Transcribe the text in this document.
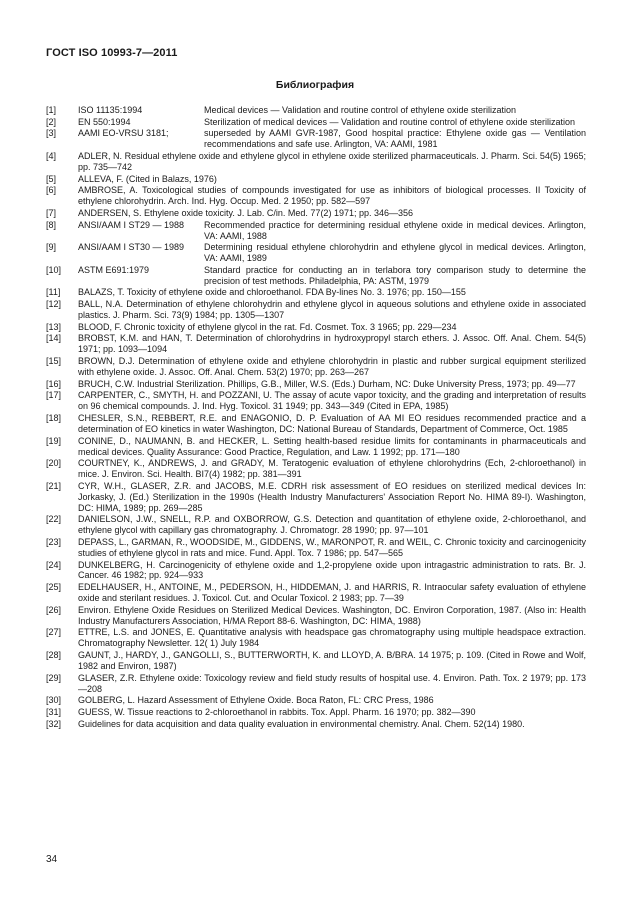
ГОСТ ISO 10993-7—2011
Библиография
[1]	ISO 11135:1994	Medical devices — Validation and routine control of ethylene oxide sterilization
[2]	EN 550:1994	Sterilization of medical devices — Validation and routine control of ethylene oxide sterilization
[3]	AAMI EO-VRSU 3181;	superseded by AAMI GVR-1987, Good hospital practice: Ethylene oxide gas — Ventilation recommendations and safe use. Arlington, VA: AAMI, 1981
[4]	ADLER, N. Residual ethylene oxide and ethylene glycol in ethylene oxide sterilized pharmaceuticals. J. Pharm. Sci. 54(5) 1965; pp. 735—742
[5]	ALLEVA, F. (Cited in Balazs, 1976)
[6]	AMBROSE, A. Toxicological studies of compounds investigated for use as inhibitors of biological processes. II Toxicity of ethylene chlorohydrin. Arch. Ind. Hyg. Occup. Med. 2 1950; pp. 582—597
[7]	ANDERSEN, S. Ethylene oxide toxicity. J. Lab. C/in. Med. 77(2) 1971; pp. 346—356
[8]	ANSI/AAM I ST29 — 1988	Recommended practice for determining residual ethylene oxide in medical devices. Arlington, VA: AAMI, 1988
[9]	ANSI/AAM I ST30 — 1989	Determining residual ethylene chlorohydrin and ethylene glycol in medical devices. Arlington, VA: AAMI, 1989
[10]	ASTM E691:1979	Standard practice for conducting an in terlabora tory comparison study to determine the precision of test methods. Philadelphia, PA: ASTM, 1979
[11]	BALAZS, T. Toxicity of ethylene oxide and chloroethanol. FDA By-lines No. 3. 1976; pp. 150—155
[12]	BALL, N.A. Determination of ethylene chlorohydrin and ethylene glycol in aqueous solutions and ethylene oxide in associated plastics. J. Pharm. Sci. 73(9) 1984; pp. 1305—1307
[13]	BLOOD, F. Chronic toxicity of ethylene glycol in the rat. Fd. Cosmet. Tox. 3 1965; pp. 229—234
[14]	BROBST, K.M. and HAN, T. Determination of chlorohydrins in hydroxypropyl starch ethers. J. Assoc. Off. Anal. Chem. 54(5) 1971; pp. 1093—1094
[15]	BROWN, D.J. Determination of ethylene oxide and ethylene chlorohydrin in plastic and rubber surgical equipment sterilized with ethylene oxide. J. Assoc. Off. Anal. Chem. 53(2) 1970; pp. 263—267
[16]	BRUCH, C.W. Industrial Sterilization. Phillips, G.B., Miller, W.S. (Eds.) Durham, NC: Duke University Press, 1973; pp. 49—77
[17]	CARPENTER, C., SMYTH, H. and POZZANI, U. The assay of acute vapor toxicity, and the grading and interpretation of results on 96 chemical compounds. J. Ind. Hyg. Toxicol. 31 1949; pp. 343—349 (Cited in EPA, 1985)
[18]	CHESLER, S.N., REBBERT, R.E. and ENAGONIO, D. P. Evaluation of AA MI EO residues recommended practice and a determination of EO kinetics in water Washington, DC: National Bureau of Standards, Department of Commerce, Oct. 1985
[19]	CONINE, D., NAUMANN, B. and HECKER, L. Setting health-based residue limits for contaminants in pharmaceuticals and medical devices. Quality Assurance: Good Practice, Regulation, and Law. 1 1992; pp. 171—180
[20]	COURTNEY, K., ANDREWS, J. and GRADY, M. Teratogenic evaluation of ethylene chlorohydrins (Ech, 2-chloroethanol) in mice. J. Environ. Sci. Health. BI7(4) 1982; pp. 381—391
[21]	CYR, W.H., GLASER, Z.R. and JACOBS, M.E. CDRH risk assessment of EO residues on sterilized medical devices In: Jorkasky, J. (Ed.) Sterilization in the 1990s (Health Industry Manufacturers' Association Report No. HIMA 89-I). Washington, DC: HIMA, 1989; pp. 269—285
[22]	DANIELSON, J.W., SNELL, R.P. and OXBORROW, G.S. Detection and quantitation of ethylene oxide, 2-chloroethanol, and ethylene glycol with capillary gas chromatography. J. Chromatogr. 28 1990; pp. 97—101
[23]	DEPASS, L., GARMAN, R., WOODSIDE, M., GIDDENS, W., MARONPOT, R. and WEIL, C. Chronic toxicity and carcinogenicity studies of ethylene glycol in rats and mice. Fund. Appl. Tox. 7 1986; pp. 547—565
[24]	DUNKELBERG, H. Carcinogenicity of ethylene oxide and 1,2-propylene oxide upon intragastric administration to rats. Br. J. Cancer. 46 1982; pp. 924—933
[25]	EDELHAUSER, H., ANTOINE, M., PEDERSON, H., HIDDEMAN, J. and HARRIS, R. Intraocular safety evaluation of ethylene oxide and sterilant residues. J. Toxicol. Cut. and Ocular Toxicol. 2 1983; pp. 7—39
[26]	Environ. Ethylene Oxide Residues on Sterilized Medical Devices. Washington, DC. Environ Corporation, 1987. (Also in: Health Industry Manufacturers Association, H/MA Report 88-6. Washington, DC: HIMA, 1988)
[27]	ETTRE, L.S. and JONES, E. Quantitative analysis with headspace gas chromatography using multiple headspace extraction. Chromatography Newsletter. 12( 1) July 1984
[28]	GAUNT, J., HARDY, J., GANGOLLI, S., BUTTERWORTH, K. and LLOYD, A. B/BRA. 14 1975; p. 109. (Cited in Rowe and Wolf, 1982 and Environ, 1987)
[29]	GLASER, Z.R. Ethylene oxide: Toxicology review and field study results of hospital use. 4. Environ. Path. Tox. 2 1979; pp. 173—208
[30]	GOLBERG, L. Hazard Assessment of Ethylene Oxide. Boca Raton, FL: CRC Press, 1986
[31]	GUESS, W. Tissue reactions to 2-chloroethanol in rabbits. Tox. Appl. Pharm. 16 1970; pp. 382—390
[32]	Guidelines for data acquisition and data quality evaluation in environmental chemistry. Anal. Chem. 52(14) 1980.
34
